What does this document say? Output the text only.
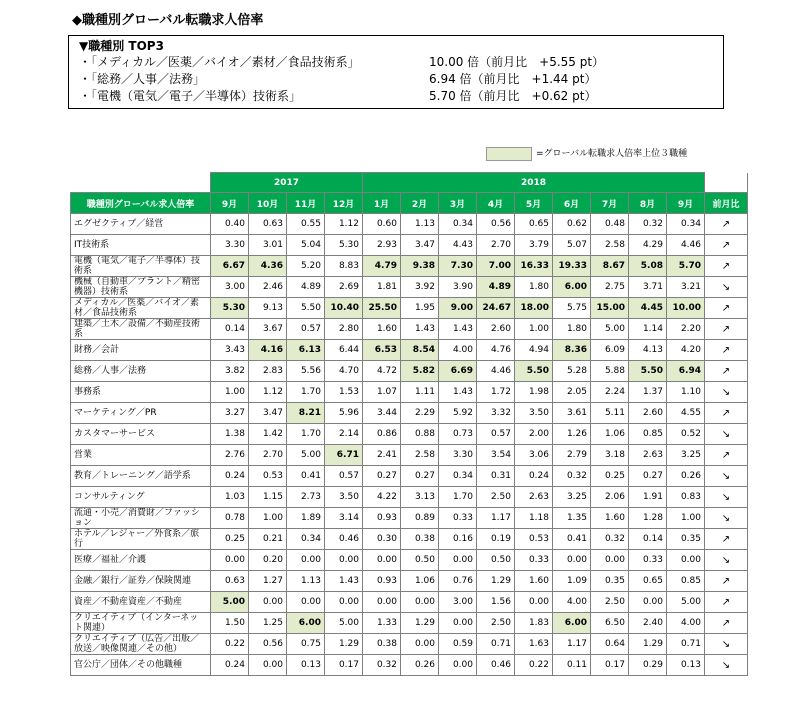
◆職種別グローバル転職求人倍率
▼職種別 TOP3
・「メディカル／医薬／バイオ／素材／食品技術系」	10.00 倍（前月比　+5.55 pt）
・「総務／人事／法務」	6.94 倍（前月比　+1.44 pt）
・「電機（電気／電子／半導体）技術系」	5.70 倍（前月比　+0.62 pt）
=グローバル転職求人倍率上位３職種
	2017				2018									
職種別グローバル求人倍率	9月	10月	11月	12月	1月	2月	3月	4月	5月	6月	7月	8月	9月	前月比
エグゼクティブ／経営	0.40	0.63	0.55	1.12	0.60	1.13	0.34	0.56	0.65	0.62	0.48	0.32	0.34	↗
IT技術系	3.30	3.01	5.04	5.30	2.93	3.47	4.43	2.70	3.79	5.07	2.58	4.29	4.46	↗
電機（電気／電子／半導体）技術系	6.67	4.36	5.20	8.83	4.79	9.38	7.30	7.00	16.33	19.33	8.67	5.08	5.70	↗
機械（自動車／プラント／精密機器）技術系	3.00	2.46	4.89	2.69	1.81	3.92	3.90	4.89	1.80	6.00	2.75	3.71	3.21	↘
メディカル／医薬／バイオ／素材／食品技術系	5.30	9.13	5.50	10.40	25.50	1.95	9.00	24.67	18.00	5.75	15.00	4.45	10.00	↗
建築／土木／設備／不動産技術系	0.14	3.67	0.57	2.80	1.60	1.43	1.43	2.60	1.00	1.80	5.00	1.14	2.20	↗
財務／会計	3.43	4.16	6.13	6.44	6.53	8.54	4.00	4.76	4.94	8.36	6.09	4.13	4.20	↗
総務／人事／法務	3.82	2.83	5.56	4.70	4.72	5.82	6.69	4.46	5.50	5.28	5.88	5.50	6.94	↗
事務系	1.00	1.12	1.70	1.53	1.07	1.11	1.43	1.72	1.98	2.05	2.24	1.37	1.10	↘
マーケティング／PR	3.27	3.47	8.21	5.96	3.44	2.29	5.92	3.32	3.50	3.61	5.11	2.60	4.55	↗
カスタマーサービス	1.38	1.42	1.70	2.14	0.86	0.88	0.73	0.57	2.00	1.26	1.06	0.85	0.52	↘
営業	2.76	2.70	5.00	6.71	2.41	2.58	3.30	3.54	3.06	2.79	3.18	2.63	3.25	↗
教育／トレーニング／語学系	0.24	0.53	0.41	0.57	0.27	0.27	0.34	0.31	0.24	0.32	0.25	0.27	0.26	↘
コンサルティング	1.03	1.15	2.73	3.50	4.22	3.13	1.70	2.50	2.63	3.25	2.06	1.91	0.83	↘
流通・小売／消費財／ファッション	0.78	1.00	1.89	3.14	0.93	0.89	0.33	1.17	1.18	1.35	1.60	1.28	1.00	↘
ホテル／レジャー／外食系／旅行	0.25	0.21	0.34	0.46	0.30	0.38	0.16	0.19	0.53	0.41	0.32	0.14	0.35	↗
医療／福祉／介護	0.00	0.20	0.00	0.00	0.00	0.50	0.00	0.50	0.33	0.00	0.00	0.33	0.00	↘
金融／銀行／証券／保険関連	0.63	1.27	1.13	1.43	0.93	1.06	0.76	1.29	1.60	1.09	0.35	0.65	0.85	↗
資産／不動産資産／不動産	5.00	0.00	0.00	0.00	0.00	0.00	3.00	1.56	0.00	4.00	2.50	0.00	5.00	↗
クリエイティブ（インターネット関連）	1.50	1.25	6.00	5.00	1.33	1.29	0.00	2.50	1.83	6.00	6.50	2.40	4.00	↗
クリエイティブ（広告／出版／放送／映像関連／その他）	0.22	0.56	0.75	1.29	0.38	0.00	0.59	0.71	1.63	1.17	0.64	1.29	0.71	↘
官公庁／団体／その他職種	0.24	0.00	0.13	0.17	0.32	0.26	0.00	0.46	0.22	0.11	0.17	0.29	0.13	↘
